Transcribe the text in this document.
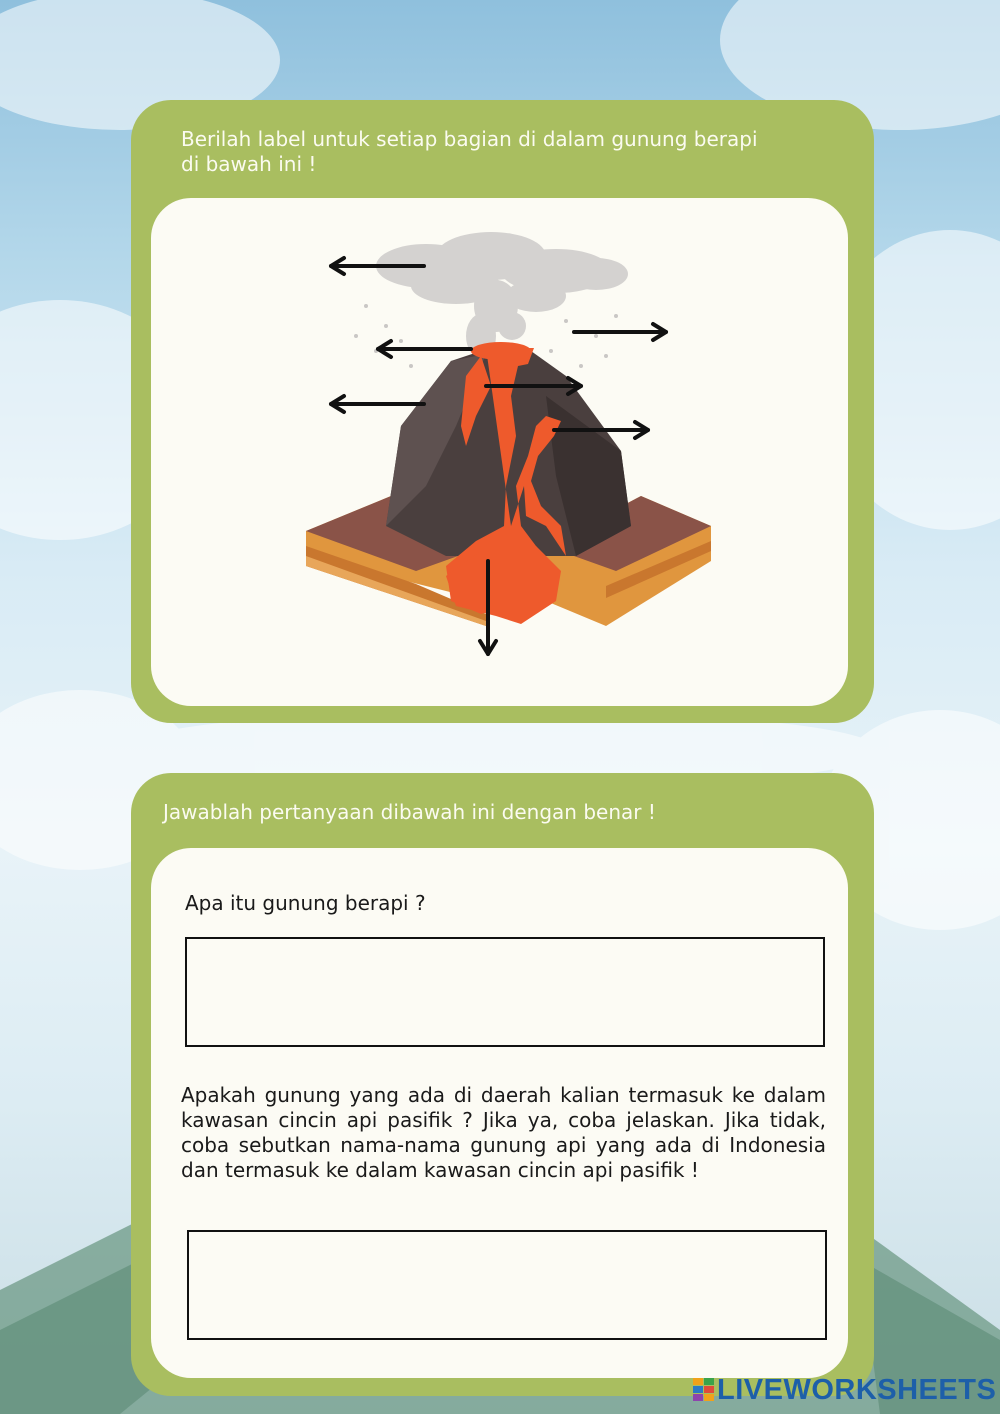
Berilah label untuk setiap bagian di dalam gunung berapi
di bawah ini !
Jawablah pertanyaan dibawah ini dengan benar !
Apa itu gunung berapi ?
Apakah gunung yang ada di daerah kalian termasuk ke dalam kawasan cincin api pasifik ? Jika ya, coba jelaskan. Jika tidak, coba sebutkan nama-nama gunung api yang ada di Indonesia dan termasuk ke dalam kawasan cincin api pasifik !
LIVEWORKSHEETS
